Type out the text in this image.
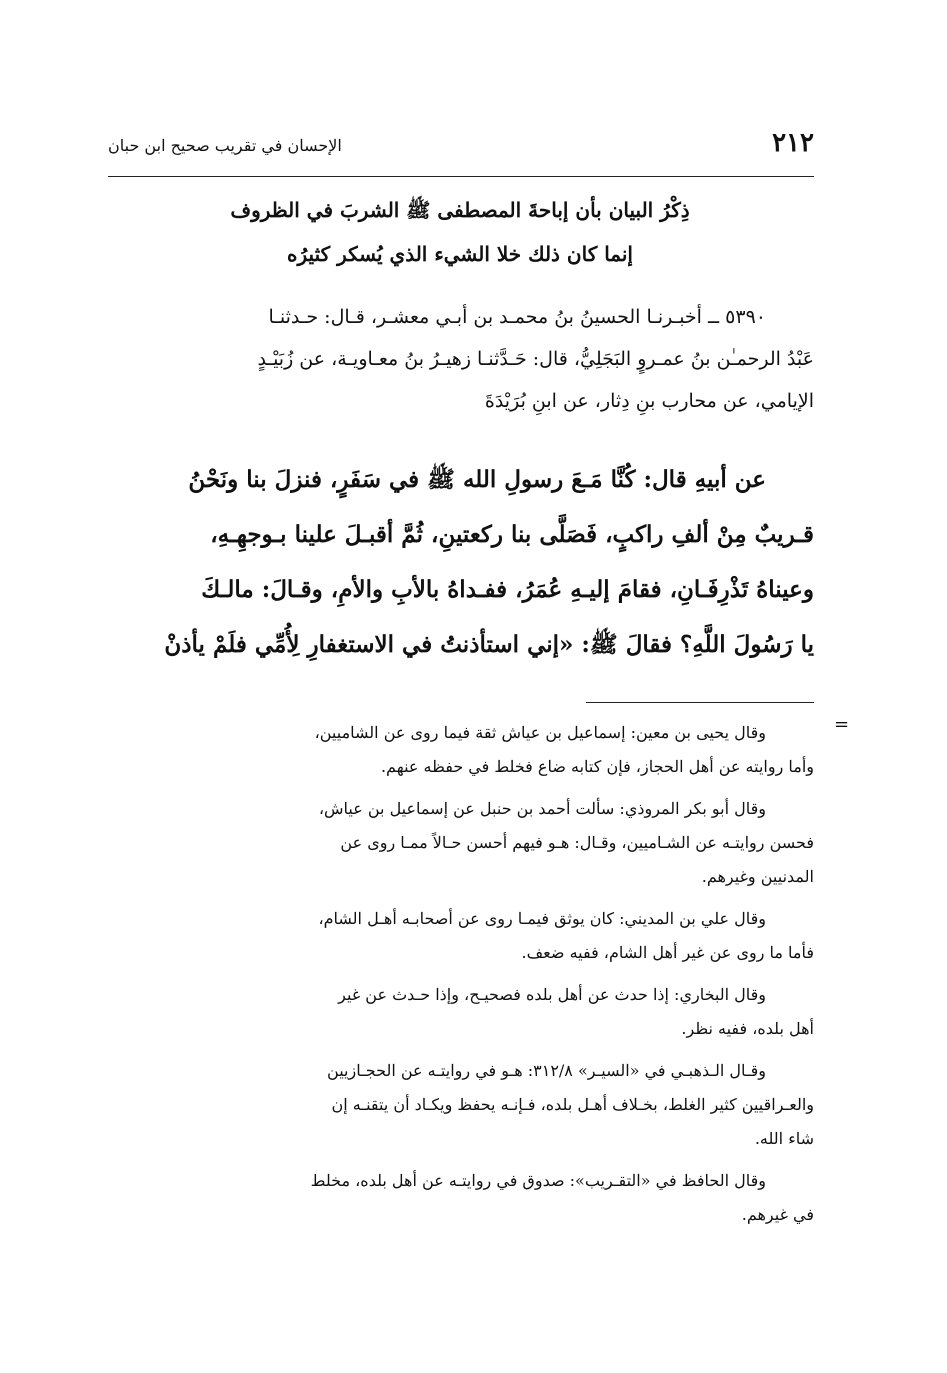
٢١٢
الإحسان في تقريب صحيح ابن حبان
ذِكْرُ البيان بأن إباحةَ المصطفى ﷺ الشربَ في الظروف
إنما كان ذلك خلا الشيء الذي يُسكر كثيرُه
٥٣٩٠ ــ أخبـرنـا الحسينُ بنُ محمـد بن أبـي معشـر، قـال: حـدثنـا
عَبْدُ الرحمـٰن بنُ عمـروٍ البَجَلِيُّ، قال: حَـدَّثنـا زهيـرُ بنُ معـاويـة، عن زُبَيْـدٍ
الإيامي، عن محارب بنِ دِثار، عن ابنِ بُرَيْدَةَ
عن أبيهِ قال: كُنَّا مَـعَ رسولِ الله ﷺ في سَفَرٍ، فنزلَ بنا ونَحْنُ
قـريبٌ مِنْ ألفِ راكبٍ، فَصَلَّى بنا ركعتينِ، ثُمَّ أقبـلَ علينا بـوجهِـهِ،
وعيناهُ تَذْرِفَـانِ، فقامَ إليـهِ عُمَرُ، ففـداهُ بالأبِ والأمِ، وقـالَ: مالـكَ
يا رَسُولَ اللَّهِ؟ فقالَ ﷺ: «إني استأذنتُ في الاستغفارِ لِأُمِّي فلَمْ يأذنْ
=
وقال يحيى بن معين: إسماعيل بن عياش ثقة فيما روى عن الشاميين،
وأما روايته عن أهل الحجاز، فإن كتابه ضاع فخلط في حفظه عنهم.
وقال أبو بكر المروذي: سألت أحمد بن حنبل عن إسماعيل بن عياش،
فحسن روايتـه عن الشـاميين، وقـال: هـو فيهم أحسن حـالاً ممـا روى عن
المدنيين وغيرهم.
وقال علي بن المديني: كان يوثق فيمـا روى عن أصحابـه أهـل الشام،
فأما ما روى عن غير أهل الشام، ففيه ضعف.
وقال البخاري: إذا حدث عن أهل بلده فصحيـح، وإذا حـدث عن غير
أهل بلده، ففيه نظر.
وقـال الـذهبـي في «السيـر» ٣١٢/٨: هـو في روايتـه عن الحجـازيين
والعـراقيين كثير الغلط، بخـلاف أهـل بلده، فـإنـه يحفظ ويكـاد أن يتقنـه إن
شاء الله.
وقال الحافظ في «التقـريب»: صدوق في روايتـه عن أهل بلده، مخلط
في غيرهم.
